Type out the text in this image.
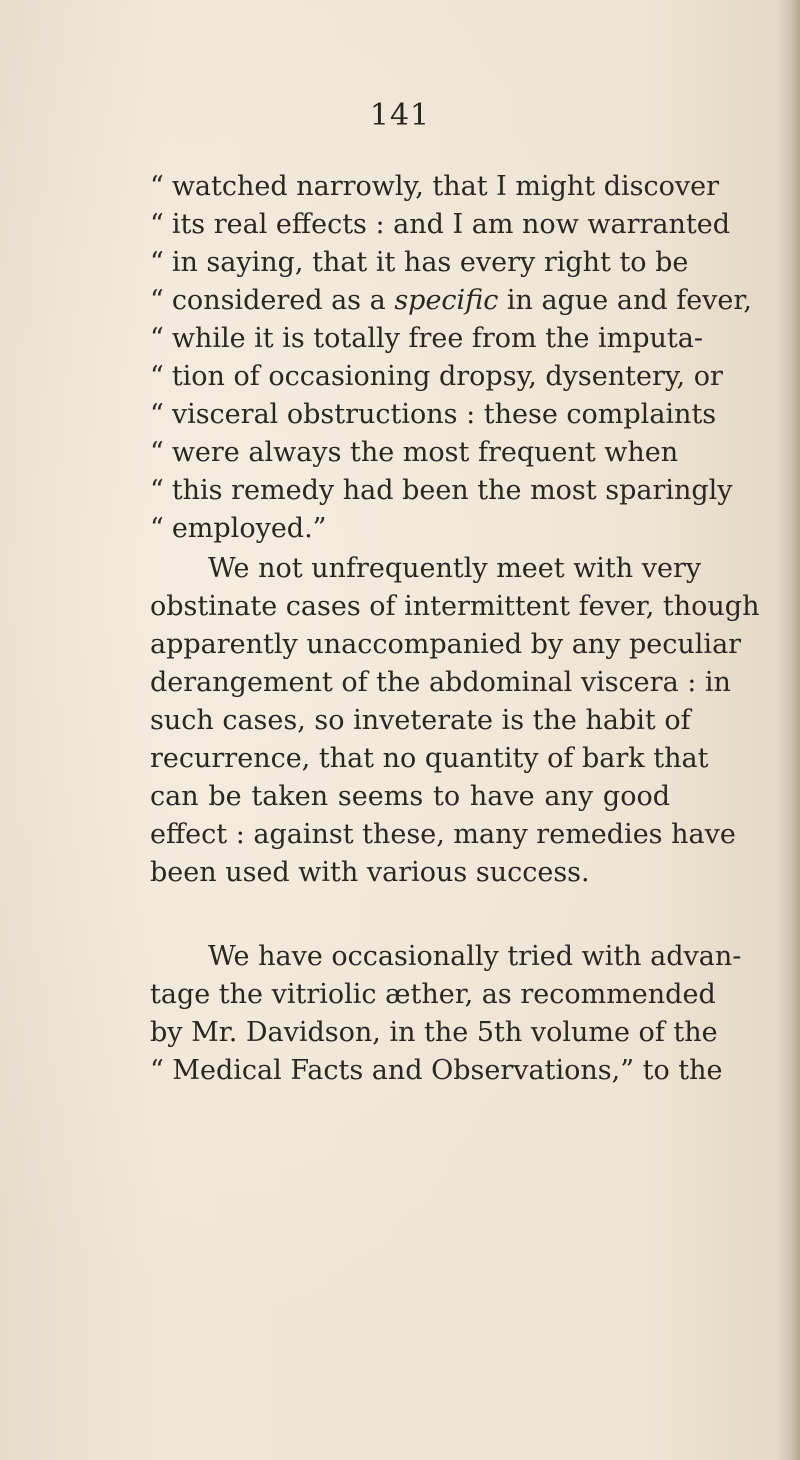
141
“ watched narrowly, that I might discover
“ its real effects : and I am now warranted
“ in saying, that it has every right to be
“ considered as a specific in ague and fever,
“ while it is totally free from the imputa-
“ tion of occasioning dropsy, dysentery, or
“ visceral obstructions : these complaints
“ were always the most frequent when
“ this remedy had been the most sparingly
“ employed.”
We not unfrequently meet with very
obstinate cases of intermittent fever, though
apparently unaccompanied by any peculiar
derangement of the abdominal viscera : in
such cases, so inveterate is the habit of
recurrence, that no quantity of bark that
can be taken seems to have any good
effect : against these, many remedies have
been used with various success.
We have occasionally tried with advan-
tage the vitriolic æther, as recommended
by Mr. Davidson, in the 5th volume of the
“ Medical Facts and Observations,” to the
